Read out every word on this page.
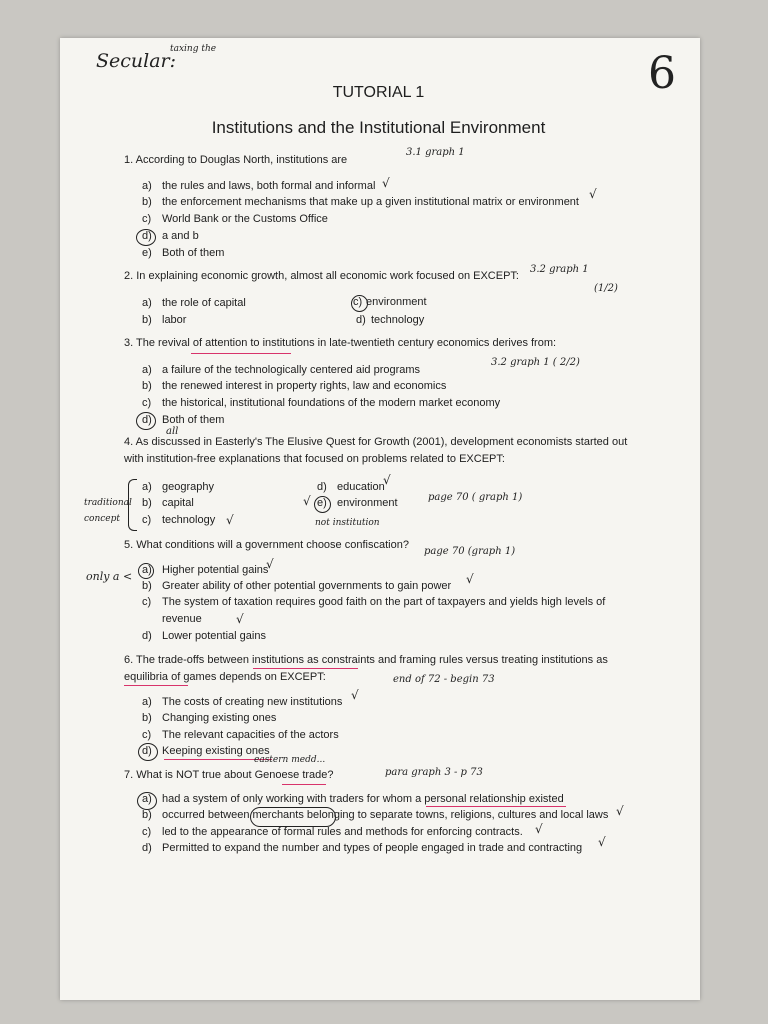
Secular:
taxing the	6
TUTORIAL 1
Institutions and the Institutional Environment
1. According to Douglas North, institutions are
3.1 graph 1
a) the rules and laws, both formal and informal
b) the enforcement mechanisms that make up a given institutional matrix or environment
c) World Bank or the Customs Office
d) a and b
e) Both of them
√
√
2. In explaining economic growth, almost all economic work focused on EXCEPT:
3.2 graph 1
(1/2)
a) the role of capital
b) labor
c) environment
d) technology
3. The revival of attention to institutions in late-twentieth century economics derives from:
3.2 graph 1 ( 2/2)
a) a failure of the technologically centered aid programs
b) the renewed interest in property rights, law and economics
c) the historical, institutional foundations of the modern market economy
d) Both of them
all
4. As discussed in Easterly's The Elusive Quest for Growth (2001), development economists started out
with institution-free explanations that focused on problems related to EXCEPT:
a) geography
b) capital
c) technology
d) education
e) environment
√
√
√
page 70 ( graph 1)
not institution
traditional concept
5. What conditions will a government choose confiscation?
page 70 (graph 1)
a) Higher potential gains
b) Greater ability of other potential governments to gain power
c) The system of taxation requires good faith on the part of taxpayers and yields high levels of
revenue
d) Lower potential gains
only a <
√
√
√
6. The trade-offs between institutions as constraints and framing rules versus treating institutions as
equilibria of games depends on EXCEPT:	end of 72 - begin 73
a) The costs of creating new institutions
b) Changing existing ones
c) The relevant capacities of the actors
d) Keeping existing ones
√
eastern medd...
7. What is NOT true about Genoese trade?	para graph 3 - p 73
a) had a system of only working with traders for whom a personal relationship existed
b) occurred between merchants belonging to separate towns, religions, cultures and local laws
c) led to the appearance of formal rules and methods for enforcing contracts.
d) Permitted to expand the number and types of people engaged in trade and contracting
√
√
√
